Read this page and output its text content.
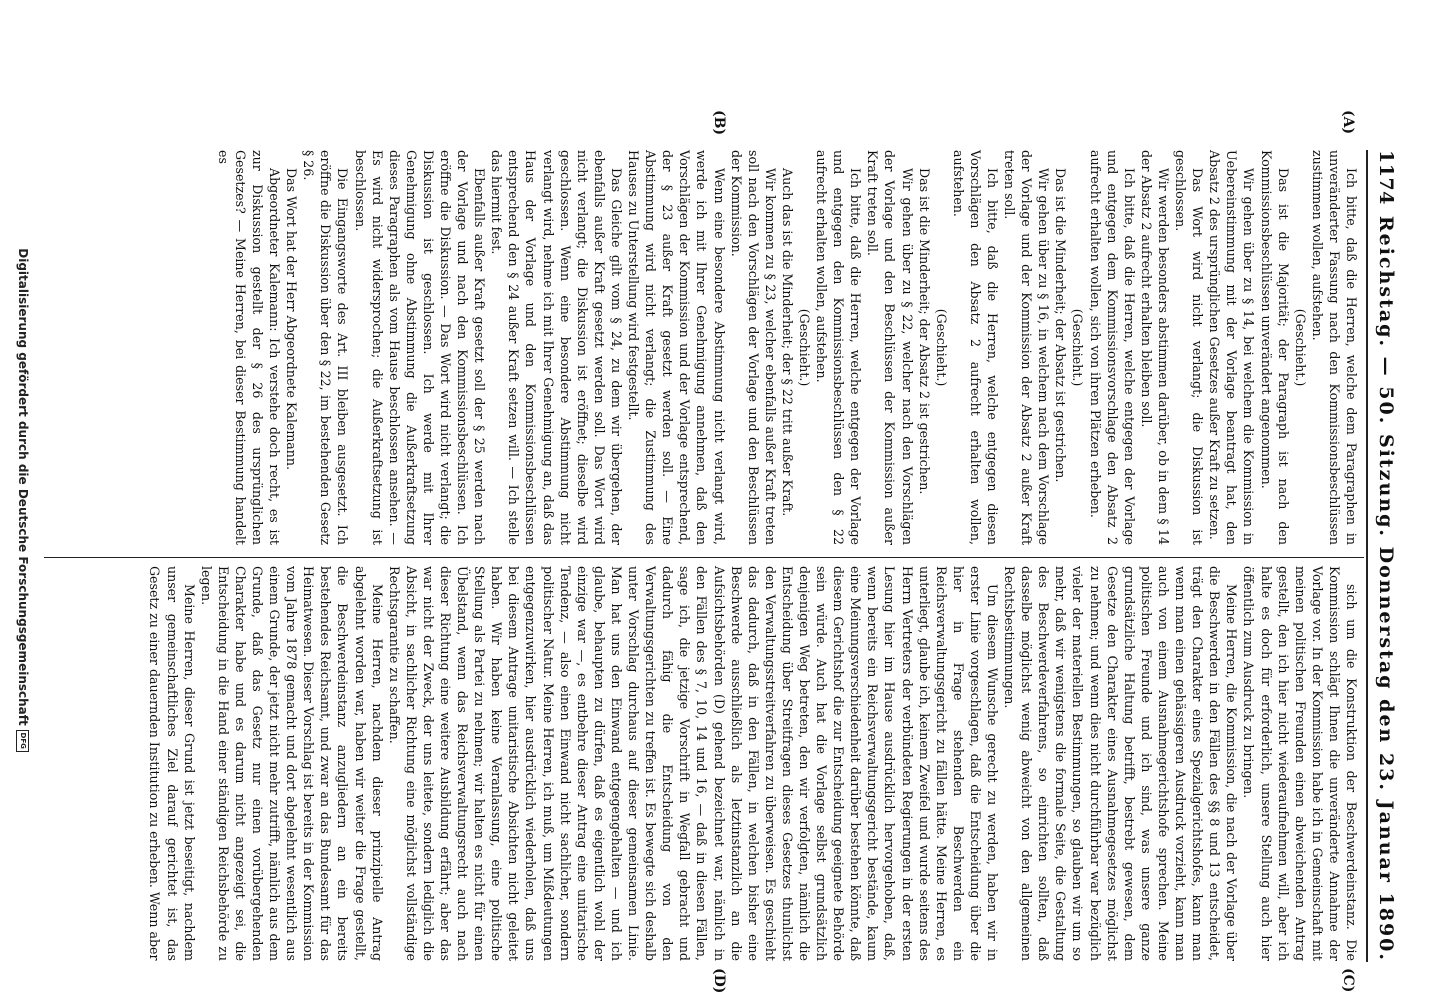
1174
Reichstag. — 50. Sitzung. Donnerstag den 23. Januar 1890.
(A)
(B)
(C)
(D)

Ich bitte, daß die Herren, welche dem Paragraphen in unveränderter Fassung nach den Kommissionsbeschlüssen zustimmen wollen, aufstehen.

(Geschieht.)

Das ist die Majorität; der Paragraph ist nach den Kommissionsbeschlüssen unverändert angenommen.

Wir gehen über zu § 14, bei welchem die Kommission in Uebereinstimmung mit der Vorlage beantragt hat, den Absatz 2 des ursprünglichen Gesetzes außer Kraft zu setzen.

Das Wort wird nicht verlangt; die Diskussion ist geschlossen.

Wir werden besonders abstimmen darüber, ob in dem § 14 der Absatz 2 aufrecht erhalten bleiben soll.

Ich bitte, daß die Herren, welche entgegen der Vorlage und entgegen dem Kommissionsvorschlage den Absatz 2 aufrecht erhalten wollen, sich von ihren Plätzen erheben.

(Geschieht.)

Das ist die Minderheit; der Absatz ist gestrichen.

Wir gehen über zu § 16, in welchem nach dem Vorschlage der Vorlage und der Kommission der Absatz 2 außer Kraft treten soll.

Ich bitte, daß die Herren, welche entgegen diesen Vorschlägen den Absatz 2 aufrecht erhalten wollen, aufstehen.

(Geschieht.)

Das ist die Minderheit; der Absatz 2 ist gestrichen.

Wir gehen über zu § 22, welcher nach den Vorschlägen der Vorlage und den Beschlüssen der Kommission außer Kraft treten soll.

Ich bitte, daß die Herren, welche entgegen der Vorlage und entgegen den Kommissionsbeschlüssen den § 22 aufrecht erhalten wollen, aufstehen.

(Geschieht.)

Auch das ist die Minderheit; der § 22 tritt außer Kraft.

Wir kommen zu § 23, welcher ebenfalls außer Kraft treten soll nach den Vorschlägen der Vorlage und den Beschlüssen der Kommission.

Wenn eine besondere Abstimmung nicht verlangt wird, werde ich mit Ihrer Genehmigung annehmen, daß den Vorschlägen der Kommission und der Vorlage entsprechend, der § 23 außer Kraft gesetzt werden soll. — Eine Abstimmung wird nicht verlangt; die Zustimmung des Hauses zu Unterstellung wird festgestellt.

Das Gleiche gilt vom § 24, zu dem wir übergehen, der ebenfalls außer Kraft gesetzt werden soll. Das Wort wird nicht verlangt; die Diskussion ist eröffnet; dieselbe wird geschlossen. Wenn eine besondere Abstimmung nicht verlangt wird, nehme ich mit Ihrer Genehmigung an, daß das Haus der Vorlage und den Kommissionsbeschlüssen entsprechend den § 24 außer Kraft setzen will. — Ich stelle das hiermit fest.

Ebenfalls außer Kraft gesetzt soll der § 25 werden nach der Vorlage und nach den Kommissionsbeschlüssen. Ich eröffne die Diskussion. — Das Wort wird nicht verlangt; die Diskussion ist geschlossen. Ich werde mit Ihrer Genehmigung ohne Abstimmung die Außerkraftsetzung dieses Paragraphen als vom Hause beschlossen ansehen. — Es wird nicht widersprochen; die Außerkraftsetzung ist beschlossen.

Die Eingangsworte des Art. III bleiben ausgesetzt. Ich eröffne die Diskussion über den § 22, im bestehenden Gesetz § 26.

Das Wort hat der Herr Abgeordnete Kalemann.

Abgeordneter Kalemann: Ich verstehe doch recht, es ist zur Diskussion gestellt der § 26 des ursprünglichen Gesetzes? — Meine Herren, bei dieser Bestimmung handelt es

sich um die Konstruktion der Beschwerdeinstanz. Die Kommission schlägt Ihnen die unveränderte Annahme der Vorlage vor. In der Kommission habe ich in Gemeinschaft mit meinen politischen Freunden einen abweichenden Antrag gestellt, den ich hier nicht wiederaufnehmen will, aber ich halte es doch für erforderlich, unsere Stellung auch hier öffentlich zum Ausdruck zu bringen.

Meine Herren, die Kommission, die nach der Vorlage über die Beschwerden in den Fällen des §§ 8 und 13 entscheidet, trägt den Charakter eines Spezialgerichtshofes, kann man wenn man einen gehässigeren Ausdruck vorzieht, kann man auch von einem Ausnahmegerichtshofe sprechen. Meine politischen Freunde und ich sind, was unsere ganze grundsätzliche Haltung betrifft, bestrebt gewesen, dem Gesetze den Charakter eines Ausnahmegesetzes möglichst zu nehmen; und wenn dies nicht durchführbar war bezüglich vieler der materiellen Bestimmungen, so glauben wir um so mehr, daß wir wenigstens die formale Seite, die Gestaltung des Beschwerdeverfahrens, so einrichten sollten, daß dasselbe möglichst wenig abweicht von den allgemeinen Rechtsbestimmungen.

Um diesem Wunsche gerecht zu werden, haben wir in erster Linie vorgeschlagen, daß die Entscheidung über die hier in Frage stehenden Beschwerden ein Reichsverwaltungsgericht zu fällen hätte. Meine Herren, es unterliegt, glaube ich, keinem Zweifel und wurde seitens des Herrn Vertreters der verbündeten Regierungen in der ersten Lesung hier im Hause ausdrücklich hervorgehoben, daß, wenn bereits ein Reichsverwaltungsgericht bestände, kaum eine Meinungsverschiedenheit darüber bestehen könnte, daß diesem Gerichtshof die zur Entscheidung geeignete Behörde sein würde. Auch hat die Vorlage selbst grundsätzlich denjenigen Weg betreten, den wir verfolgten, nämlich die Entscheidung über Streitfragen dieses Gesetzes thunlichst den Verwaltungsstreitverfahren zu überweisen. Es geschieht das dadurch, daß in den Fällen, in welchen bisher eine Beschwerde ausschließlich als letztinstanzlich an die Aufsichtsbehörden (D) gehend bezeichnet war, nämlich in den Fällen des § 7, 10, 14 und 16, — daß in diesen Fällen, sage ich, die jetzige Vorschrift in Wegfall gebracht und dadurch fähig die Entscheidung von den Verwaltungsgerichten zu treffen ist. Es bewegte sich deshalb unter Vorschlag durchaus auf dieser gemeinsamen Linie. Man hat uns den Einwand entgegengehalten — und ich glaube, behaupten zu dürfen, daß es eigentlich wohl der einzige war —, es entbehre dieser Antrag eine unitarische Tendenz, — also einen Einwand nicht sachlicher, sondern politischer Natur. Meine Herren, ich muß, um Mißdeutungen entgegenzuwirken, hier ausdrücklich wiederholen, daß uns bei diesem Antrage unitaristische Absichten nicht geleitet haben. Wir haben keine Veranlassung, eine politische Stellung als Partei zu nehmen; wir halten es nicht für einen Übelstand, wenn das Reichsverwaltungsrecht auch nach dieser Richtung eine weitere Ausbildung erfährt; aber das war nicht der Zweck, der uns leitete, sondern lediglich die Absicht, in sachlicher Richtung eine möglichst vollständige Rechtsgarantie zu schaffen.

Meine Herren, nachdem dieser prinzipielle Antrag abgelehnt worden war, haben wir weiter die Frage gestellt, die Beschwerdeinstanz anzugliedern an ein bereits bestehendes Reichsamt, und zwar an das Bundesamt für das Heimatwesen. Dieser Vorschlag ist bereits in der Kommission vom Jahre 1878 gemacht und dort abgelehnt wesentlich aus einem Grunde, der jetzt nicht mehr zutrifft, nämlich aus dem Grunde, daß das Gesetz nur einen vorübergehenden Charakter habe und es darum nicht angezeigt sei, die Entscheidung in die Hand einer ständigen Reichsbehörde zu legen.

Meine Herren, dieser Grund ist jetzt beseitigt, nachdem unser gemeinschaftliches Ziel darauf gerichtet ist, das Gesetz zu einer dauernden Institution zu erheben. Wenn aber

Digitalisierung gefördert durch die Deutsche ForschungsgemeinschaftDFG
